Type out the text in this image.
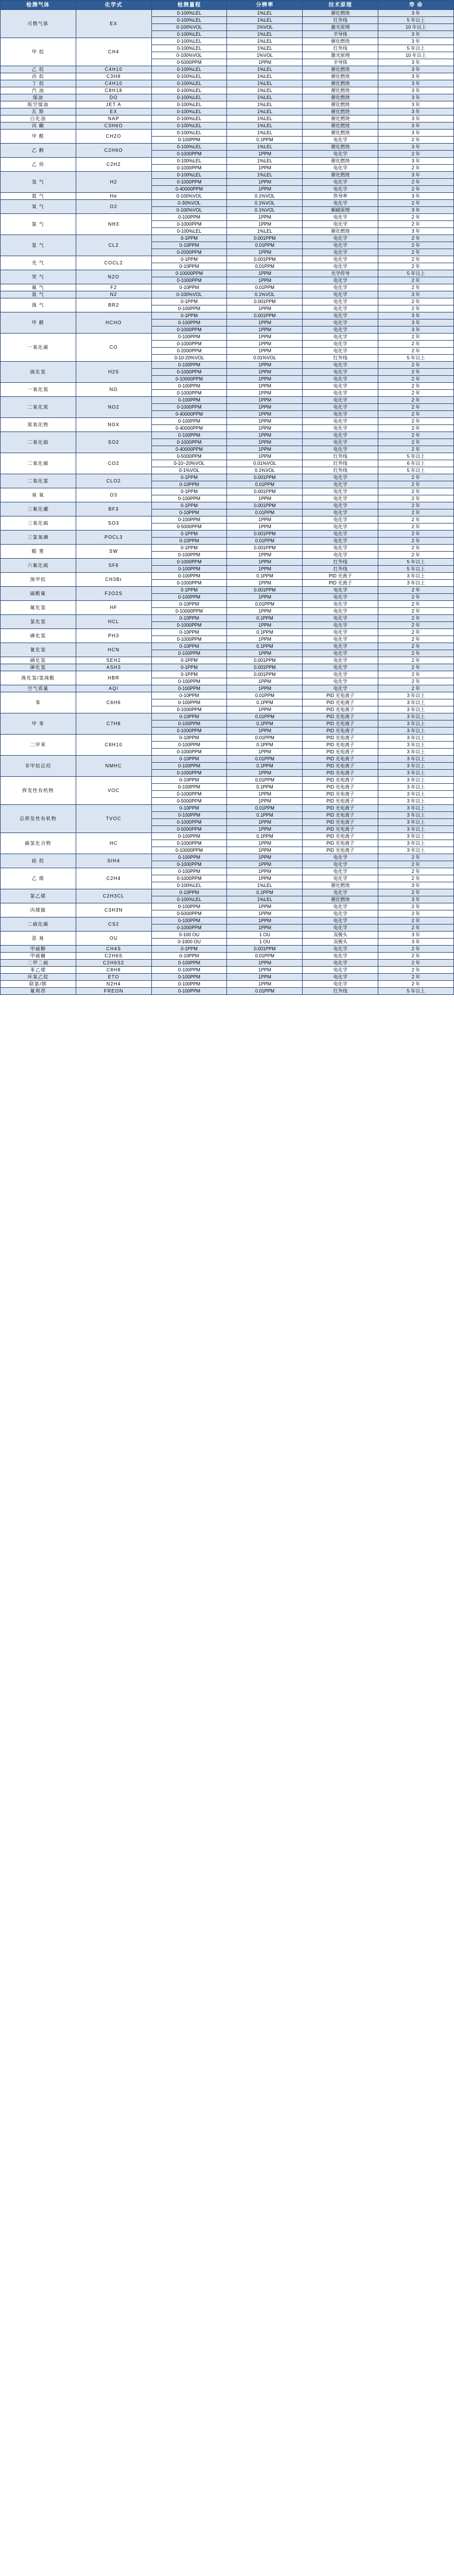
检测气体	化学式	检测量程	分辨率	技术原理	寿 命
可燃气体	EX	0-100%LEL	1%LEL	催化燃烧	3 年
		0-100%LEL	1%LEL	红外线	5 年以上
		0-100%VOL	1%VOL	激光原理	10 年以上
		0-100%LEL	1%LEL	半导体	3 年
甲 烷	CH4	0-100%LEL	1%LEL	催化燃烧	3 年
		0-100%LEL	1%LEL	红外线	5 年以上
		0-100%VOL	1%VOL	激光原理	10 年以上
		0-5000PPM	1PPM	半导体	3 年
乙 烷	C4H10	0-100%LEL	1%LEL	催化燃烧	3 年
丙 烷	C3H8	0-100%LEL	1%LEL	催化燃烧	3 年
丁 烷	C4H10	0-100%LEL	1%LEL	催化燃烧	3 年
汽 油	C8H18	0-100%LEL	1%LEL	催化燃烧	3 年
煤油	DO	0-100%LEL	1%LEL	催化燃烧	3 年
航空煤油	JET A	0-100%LEL	1%LEL	催化燃烧	3 年
瓦 斯	EX	0-100%LEL	1%LEL	催化燃烧	3 年
白化油	NAP	0-100%LEL	1%LEL	催化燃烧	3 年
丙 酮	C3H6O	0-100%LEL	1%LEL	催化燃烧	3 年
甲 醛	CH2O	0-100%LEL	1%LEL	催化燃烧	3 年
		0-100PPM	0.1PPM	电化学	2 年
乙 醇	C2H6O	0-100%LEL	1%LEL	催化燃烧	3 年
		0-1000PPM	1PPM	电化学	2 年
乙 炔	C2H2	0-100%LEL	1%LEL	催化燃烧	3 年
		0-1000PPM	1PPM	电化学	2 年
氢 气	H2	0-100%LEL	1%LEL	催化燃烧	3 年
		0-1000PPM	1PPM	电化学	2 年
		0-40000PPM	1PPM	电化学	2 年
氦 气	He	0-100%VOL	0.1%VOL	热导率	3 年
氧 气	O2	0-30%VOL	0.1%VOL	电化学	2 年
		0-100%VOL	0.1%VOL	顺磁原理	3 年
氨 气	NH3	0-100PPM	1PPM	电化学	2 年
		0-1000PPM	1PPM	电化学	2 年
		0-100%LEL	1%LEL	催化燃烧	3 年
氯 气	CL2	0-1PPM	0.001PPM	电化学	2 年
		0-10PPM	0.01PPM	电化学	2 年
		0-2000PPM	1PPM	电化学	2 年
光 气	COCL2	0-1PPM	0.001PPM	电化学	2 年
		0-10PPM	0.01PPM	电化学	2 年
笑 气	N2O	0-10000PPM	1PPM	光学传导	5 年以上
		0-1000PPM	1PPM	电化学	2 年
氟 气	F2	0-10PPM	0.01PPM	电化学	2 年
氮 气	N2	0-100%VOL	0.1%VOL	电化学	3 年
溴 气	BR2	0-1PPM	0.001PPM	电化学	2 年
		0-100PPM	1PPM	电化学	2 年
甲 醛	HCHO	0-1PPM	0.001PPM	电化学	3 年
		0-100PPM	1PPM	电化学	3 年
		0-1000PPM	1PPM	电化学	3 年
一氧化碳	CO	0-100PPM	1PPM	电化学	2 年
		0-1000PPM	1PPM	电化学	2 年
		0-2000PPM	1PPM	电化学	2 年
		0-10-20%VOL	0.01%VOL	红外线	5 年以上
硫化氢	H2S	0-100PPM	1PPM	电化学	2 年
		0-1000PPM	1PPM	电化学	2 年
		0-10000PPM	1PPM	电化学	2 年
一氧化氮	NO	0-100PPM	1PPM	电化学	2 年
		0-1000PPM	1PPM	电化学	2 年
二氧化氮	NO2	0-100PPM	1PPM	电化学	2 年
		0-1000PPM	1PPM	电化学	2 年
		0-40000PPM	1PPM	电化学	2 年
氮氧化物	NOX	0-100PPM	1PPM	电化学	2 年
		0-40000PPM	1PPM	电化学	2 年
二氧化硫	SO2	0-100PPM	1PPM	电化学	2 年
		0-1000PPM	1PPM	电化学	2 年
		0-40000PPM	1PPM	电化学	2 年
二氧化碳	CO2	0-5000PPM	1PPM	红外线	5 年以上
		0-10~20%VOL	0.01%VOL	红外线	6 年以上
		0-1%VOL	0.1%VOL	红外线	5 年以上
二氧化氯	CLO2	0-1PPM	0.001PPM	电化学	2 年
		0-10PPM	0.01PPM	电化学	2 年
臭 氧	O3	0-1PPM	0.001PPM	电化学	2 年
		0-100PPM	1PPM	电化学	2 年
三氟化硼	BF3	0-1PPM	0.001PPM	电化学	2 年
		0-10PPM	0.01PPM	电化学	2 年
三氧化硫	SO3	0-100PPM	1PPM	电化学	2 年
		0-5000PPM	1PPM	电化学	2 年
三氯氧磷	POCL3	0-1PPM	0.001PPM	电化学	2 年
		0-10PPM	0.01PPM	电化学	2 年
酸 雾	SW	0-1PPM	0.001PPM	电化学	2 年
		0-100PPM	1PPM	电化学	2 年
六氟化硫	SF6	0-1000PPM	1PPM	红外线	5 年以上
		0-100PPM	1PPM	红外线	5 年以上
溴甲烷	CH3Br	0-100PPM	0.1PPM	PID 光离子	3 年以上
		0-1000PPM	1PPM	PID 光离子	3 年以上
硫酰氟	F2O2S	0-1PPM	0.001PPM	电化学	2 年
		0-100PPM	1PPM	电化学	2 年
氟化氢	HF	0-10PPM	0.01PPM	电化学	2 年
		0-10000PPM	1PPM	电化学	2 年
氯化氢	HCL	0-10PPM	0.1PPM	电化学	2 年
		0-1000PPM	1PPM	电化学	2 年
磷化氢	PH3	0-10PPM	0.1PPM	电化学	2 年
		0-1000PPM	1PPM	电化学	2 年
氰化氢	HCN	0-10PPM	0.1PPM	电化学	2 年
		0-100PPM	1PPM	电化学	2 年
硒化氢	SEH2	0-1PPM	0.001PPM	电化学	2 年
砷化氢	ASH3	0-1PPM	0.001PPM	电化学	2 年
溴化氢/氢溴酸	HBR	0-1PPM	0.001PPM	电化学	2 年
		0-100PPM	1PPM	电化学	2 年
空气质量	AQI	0-100PPM	1PPM	电化学	2 年
苯	C6H6	0-10PPM	0.01PPM	PID 光电离子	3 年以上
		0-100PPM	0.1PPM	PID 光电离子	3 年以上
		0-1000PPM	1PPM	PID 光电离子	3 年以上
甲 苯	C7H8	0-10PPM	0.01PPM	PID 光电离子	3 年以上
		0-100PPM	0.1PPM	PID 光电离子	3 年以上
		0-1000PPM	1PPM	PID 光电离子	3 年以上
二甲苯	C8H10	0-10PPM	0.01PPM	PID 光电离子	3 年以上
		0-100PPM	0.1PPM	PID 光电离子	3 年以上
		0-1000PPM	1PPM	PID 光电离子	3 年以上
非甲烷总烃	NMHC	0-10PPM	0.01PPM	PID 光电离子	3 年以上
		0-100PPM	0.1PPM	PID 光电离子	3 年以上
		0-1000PPM	1PPM	PID 光电离子	3 年以上
挥发性有机物	VOC	0-10PPM	0.01PPM	PID 光电离子	3 年以上
		0-100PPM	0.1PPM	PID 光电离子	3 年以上
		0-1000PPM	1PPM	PID 光电离子	3 年以上
		0-5000PPM	1PPM	PID 光电离子	3 年以上
总挥发性有机物	TVOC	0-10PPM	0.01PPM	PID 光电离子	3 年以上
		0-100PPM	0.1PPM	PID 光电离子	3 年以上
		0-1000PPM	1PPM	PID 光电离子	3 年以上
		0-5000PPM	1PPM	PID 光电离子	3 年以上
碳氢化合物	HC	0-100PPM	0.1PPM	PID 光电离子	3 年以上
		0-1000PPM	1PPM	PID 光电离子	3 年以上
		0-10000PPM	1PPM	PID 光电离子	3 年以上
硅 烷	SIH4	0-100PPM	1PPM	电化学	2 年
		0-1000PPM	1PPM	电化学	2 年
乙 烯	C2H4	0-100PPM	1PPM	电化学	2 年
		0-1000PPM	1PPM	电化学	2 年
		0-100%LEL	1%LEL	催化燃烧	3 年
氯乙烯	C2H3CL	0-10PPM	0.1PPM	电化学	2 年
		0-100%LEL	1%LEL	催化燃烧	3 年
丙烯腈	C3H3N	0-100PPM	1PPM	电化学	2 年
		0-5000PPM	1PPM	电化学	2 年
二硫化碳	CS2	0-100PPM	1PPM	电化学	2 年
		0-1000PPM	1PPM	电化学	2 年
恶 臭	OU	0-100 OU	1 OU	双极头	3 年
		0-1000 OU	1 OU	双极头	3 年
甲硫醇	CH4S	0-1PPM	0.001PPM	电化学	2 年
甲硫醚	C2H6S	0-10PPM	0.01PPM	电化学	2 年
二甲二硫	C2H6S2	0-100PPM	1PPM	电化学	2 年
苯乙烯	C8H8	0-100PPM	1PPM	电化学	2 年
环氧乙烷	ETO	0-100PPM	1PPM	电化学	2 年
联氨/肼	N2H4	0-100PPM	1PPM	电化学	2 年
氟利昂	FREON	0-100PPM	0.01PPM	红外线	5 年以上
